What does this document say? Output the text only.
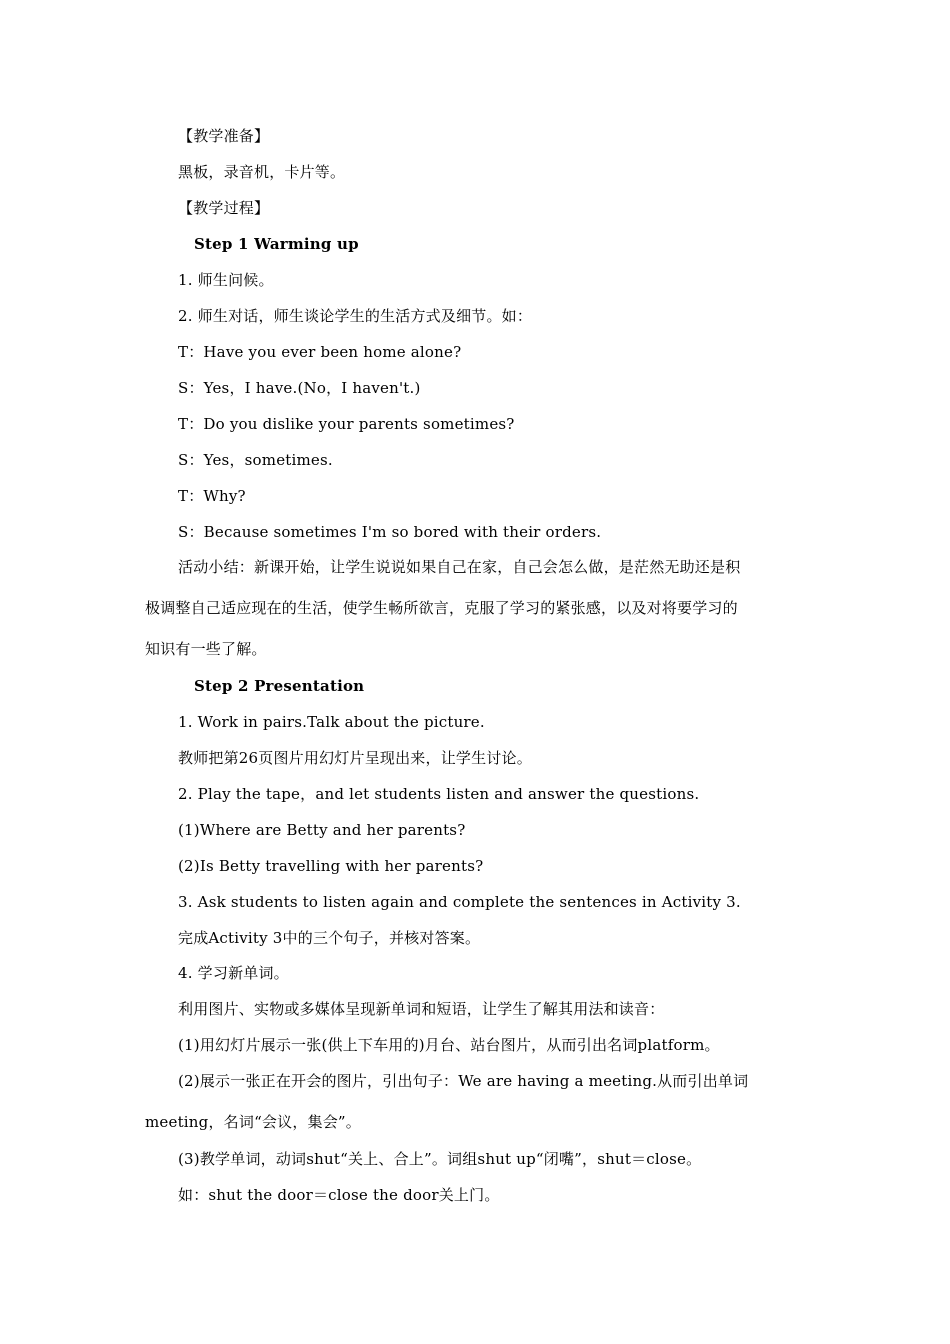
【教学准备】
黑板，录音机，卡片等。
【教学过程】
Step 1 Warming up
1. 师生问候。
2. 师生对话，师生谈论学生的生活方式及细节。如：
T：Have you ever been home alone?
S：Yes，I have.(No，I haven't.)
T：Do you dislike your parents sometimes?
S：Yes，sometimes.
T：Why?
S：Because sometimes I'm so bored with their orders.
活动小结：新课开始，让学生说说如果自己在家，自己会怎么做，是茫然无助还是积
极调整自己适应现在的生活，使学生畅所欲言，克服了学习的紧张感，以及对将要学习的
知识有一些了解。
Step 2 Presentation
1. Work in pairs.Talk about the picture.
教师把第26页图片用幻灯片呈现出来，让学生讨论。
2. Play the tape，and let students listen and answer the questions.
(1)Where are Betty and her parents?
(2)Is Betty travelling with her parents?
3. Ask students to listen again and complete the sentences in Activity 3.
完成Activity 3中的三个句子，并核对答案。
4. 学习新单词。
利用图片、实物或多媒体呈现新单词和短语，让学生了解其用法和读音：
(1)用幻灯片展示一张(供上下车用的)月台、站台图片，从而引出名词platform。
(2)展示一张正在开会的图片，引出句子：We are having a meeting.从而引出单词
meeting，名词“会议，集会”。
(3)教学单词，动词shut“关上、合上”。词组shut up“闭嘴”，shut＝close。
如：shut the door＝close the door关上门。
